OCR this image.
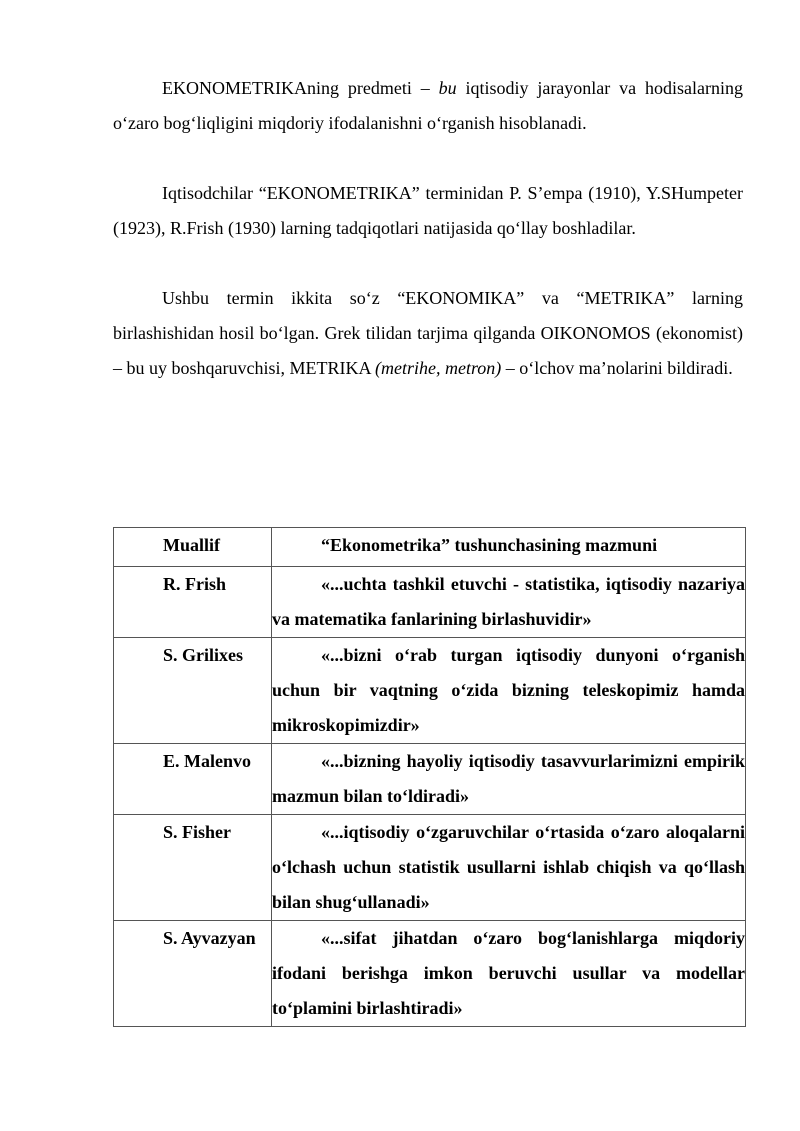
EKONOMETRIKAning predmeti – bu iqtisodiy jarayonlar va hodisalarning o‘zaro bog‘liqligini miqdoriy ifodalanishni o‘rganish hisoblanadi.

Iqtisodchilar “EKONOMETRIKA” terminidan P. S’empa (1910), Y.SHumpeter (1923), R.Frish (1930) larning tadqiqotlari natijasida qo‘llay boshladilar.

Ushbu termin ikkita so‘z “EKONOMIKA” va “METRIKA” larning birlashishidan hosil bo‘lgan. Grek tilidan tarjima qilganda OIKONOMOS (ekonomist) – bu uy boshqaruvchisi, METRIKA (metrihe, metron) – o‘lchov ma’nolarini bildiradi.

Muallif	“Ekonometrika” tushunchasining mazmuni
R. Frish	«...uchta tashkil etuvchi - statistika, iqtisodiy nazariya va matematika fanlarining birlashuvidir»

S. Grilixes	«...bizni o‘rab turgan iqtisodiy dunyoni o‘rganish uchun bir vaqtning o‘zida bizning teleskopimiz hamda mikroskopimizdir»

E. Malenvo	«...bizning hayoliy iqtisodiy tasavvurlarimizni empirik mazmun bilan to‘ldiradi»

S. Fisher	«...iqtisodiy o‘zgaruvchilar o‘rtasida o‘zaro aloqalarni o‘lchash uchun statistik usullarni ishlab chiqish va qo‘llash bilan shug‘ullanadi»

S. Ayvazyan	«...sifat jihatdan o‘zaro bog‘lanishlarga miqdoriy ifodani berishga imkon beruvchi usullar va modellar to‘plamini birlashtiradi»
